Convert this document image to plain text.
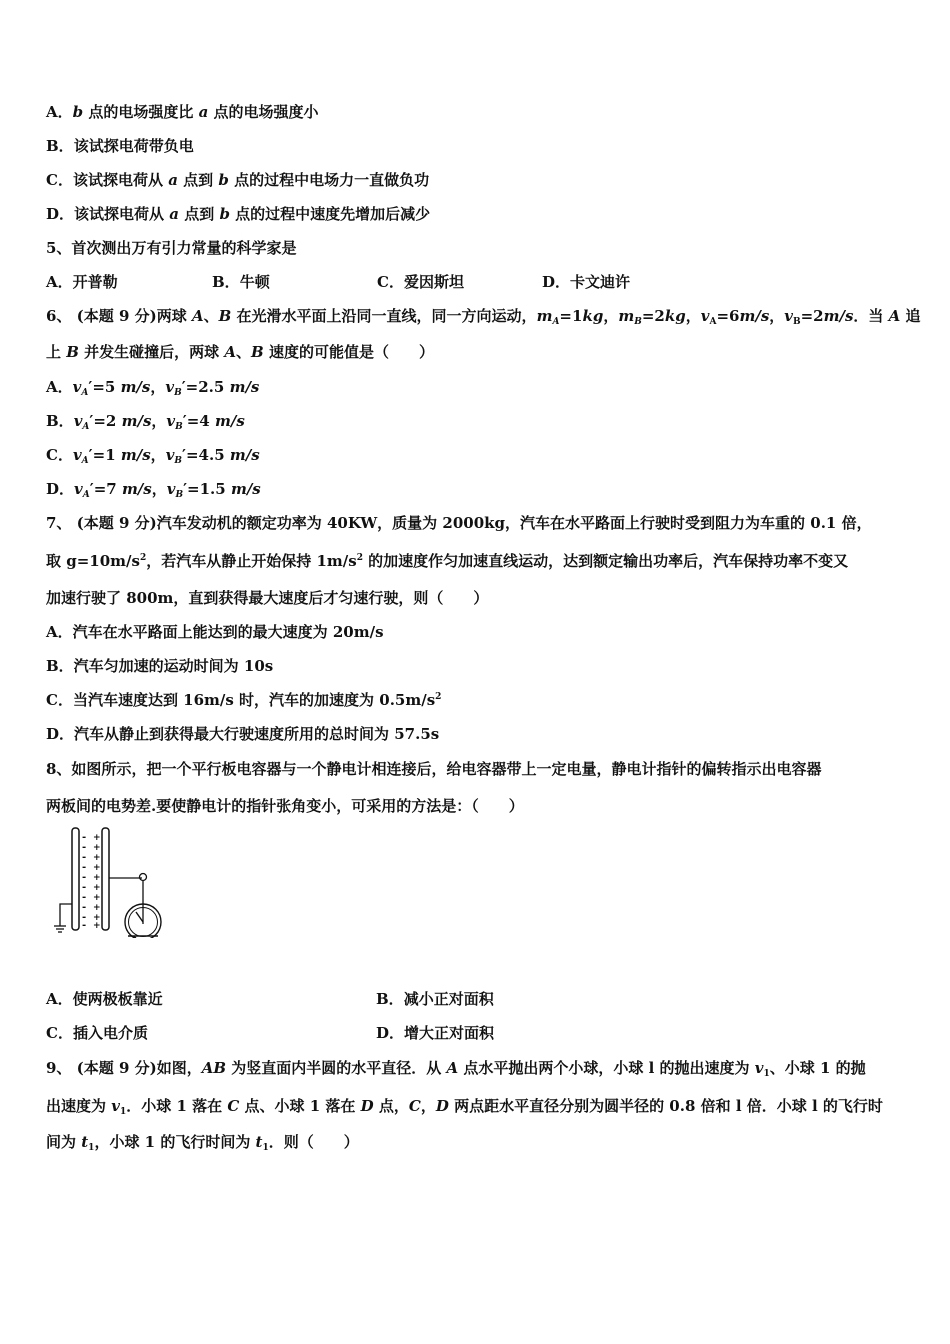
A．b 点的电场强度比 a 点的电场强度小
B．该试探电荷带负电
C．该试探电荷从 a 点到 b 点的过程中电场力一直做负功
D．该试探电荷从 a 点到 b 点的过程中速度先增加后减少
5、首次测出万有引力常量的科学家是
A．开普勒	B．牛顿	C．爱因斯坦	D．卡文迪许
6、 (本题 9 分)两球 A、B 在光滑水平面上沿同一直线，同一方向运动，$m_A=1kg$，$m_B=2kg$，$v_A=6m/s$，$v_B=2m/s$．当 A 追
上 B 并发生碰撞后，两球 A、B 速度的可能值是（　　）
A．$v_A'=5$ m/s，$v_B'=2.5$ m/s
B．$v_A'=2$ m/s，$v_B'=4$ m/s
C．$v_A'=1$ m/s，$v_B'=4.5$ m/s
D．$v_A'=7$ m/s，$v_B'=1.5$ m/s
7、 (本题 9 分)汽车发动机的额定功率为 40KW，质量为 2000kg，汽车在水平路面上行驶时受到阻力为车重的 0.1 倍，
取 $g=10m/s^2$，若汽车从静止开始保持 $1m/s^2$ 的加速度作匀加速直线运动，达到额定输出功率后，汽车保持功率不变又
加速行驶了 800m，直到获得最大速度后才匀速行驶，则（　　）
A．汽车在水平路面上能达到的最大速度为 20m/s
B．汽车匀加速的运动时间为 10s
C．当汽车速度达到 16m/s 时，汽车的加速度为 $0.5m/s^2$
D．汽车从静止到获得最大行驶速度所用的总时间为 57.5s
8、如图所示，把一个平行板电容器与一个静电计相连接后，给电容器带上一定电量，静电计指针的偏转指示出电容器
两板间的电势差.要使静电计的指针张角变小，可采用的方法是：（　　）
-
-
-
-
-
-
-
-
-
-
+
+
+
+
+
+
+
+
+
+
A．使两极板靠近	B．减小正对面积
C．插入电介质	D．增大正对面积
9、 (本题 9 分)如图，AB 为竖直面内半圆的水平直径．从 A 点水平抛出两个小球，小球 l 的抛出速度为 $v_1$、小球 1 的抛
出速度为 $v_1$．小球 1 落在 C 点、小球 1 落在 D 点，C，D 两点距水平直径分别为圆半径的 0.8 倍和 l 倍．小球 l 的飞行时
间为 $t_1$，小球 1 的飞行时间为 $t_1$．则（　　）
